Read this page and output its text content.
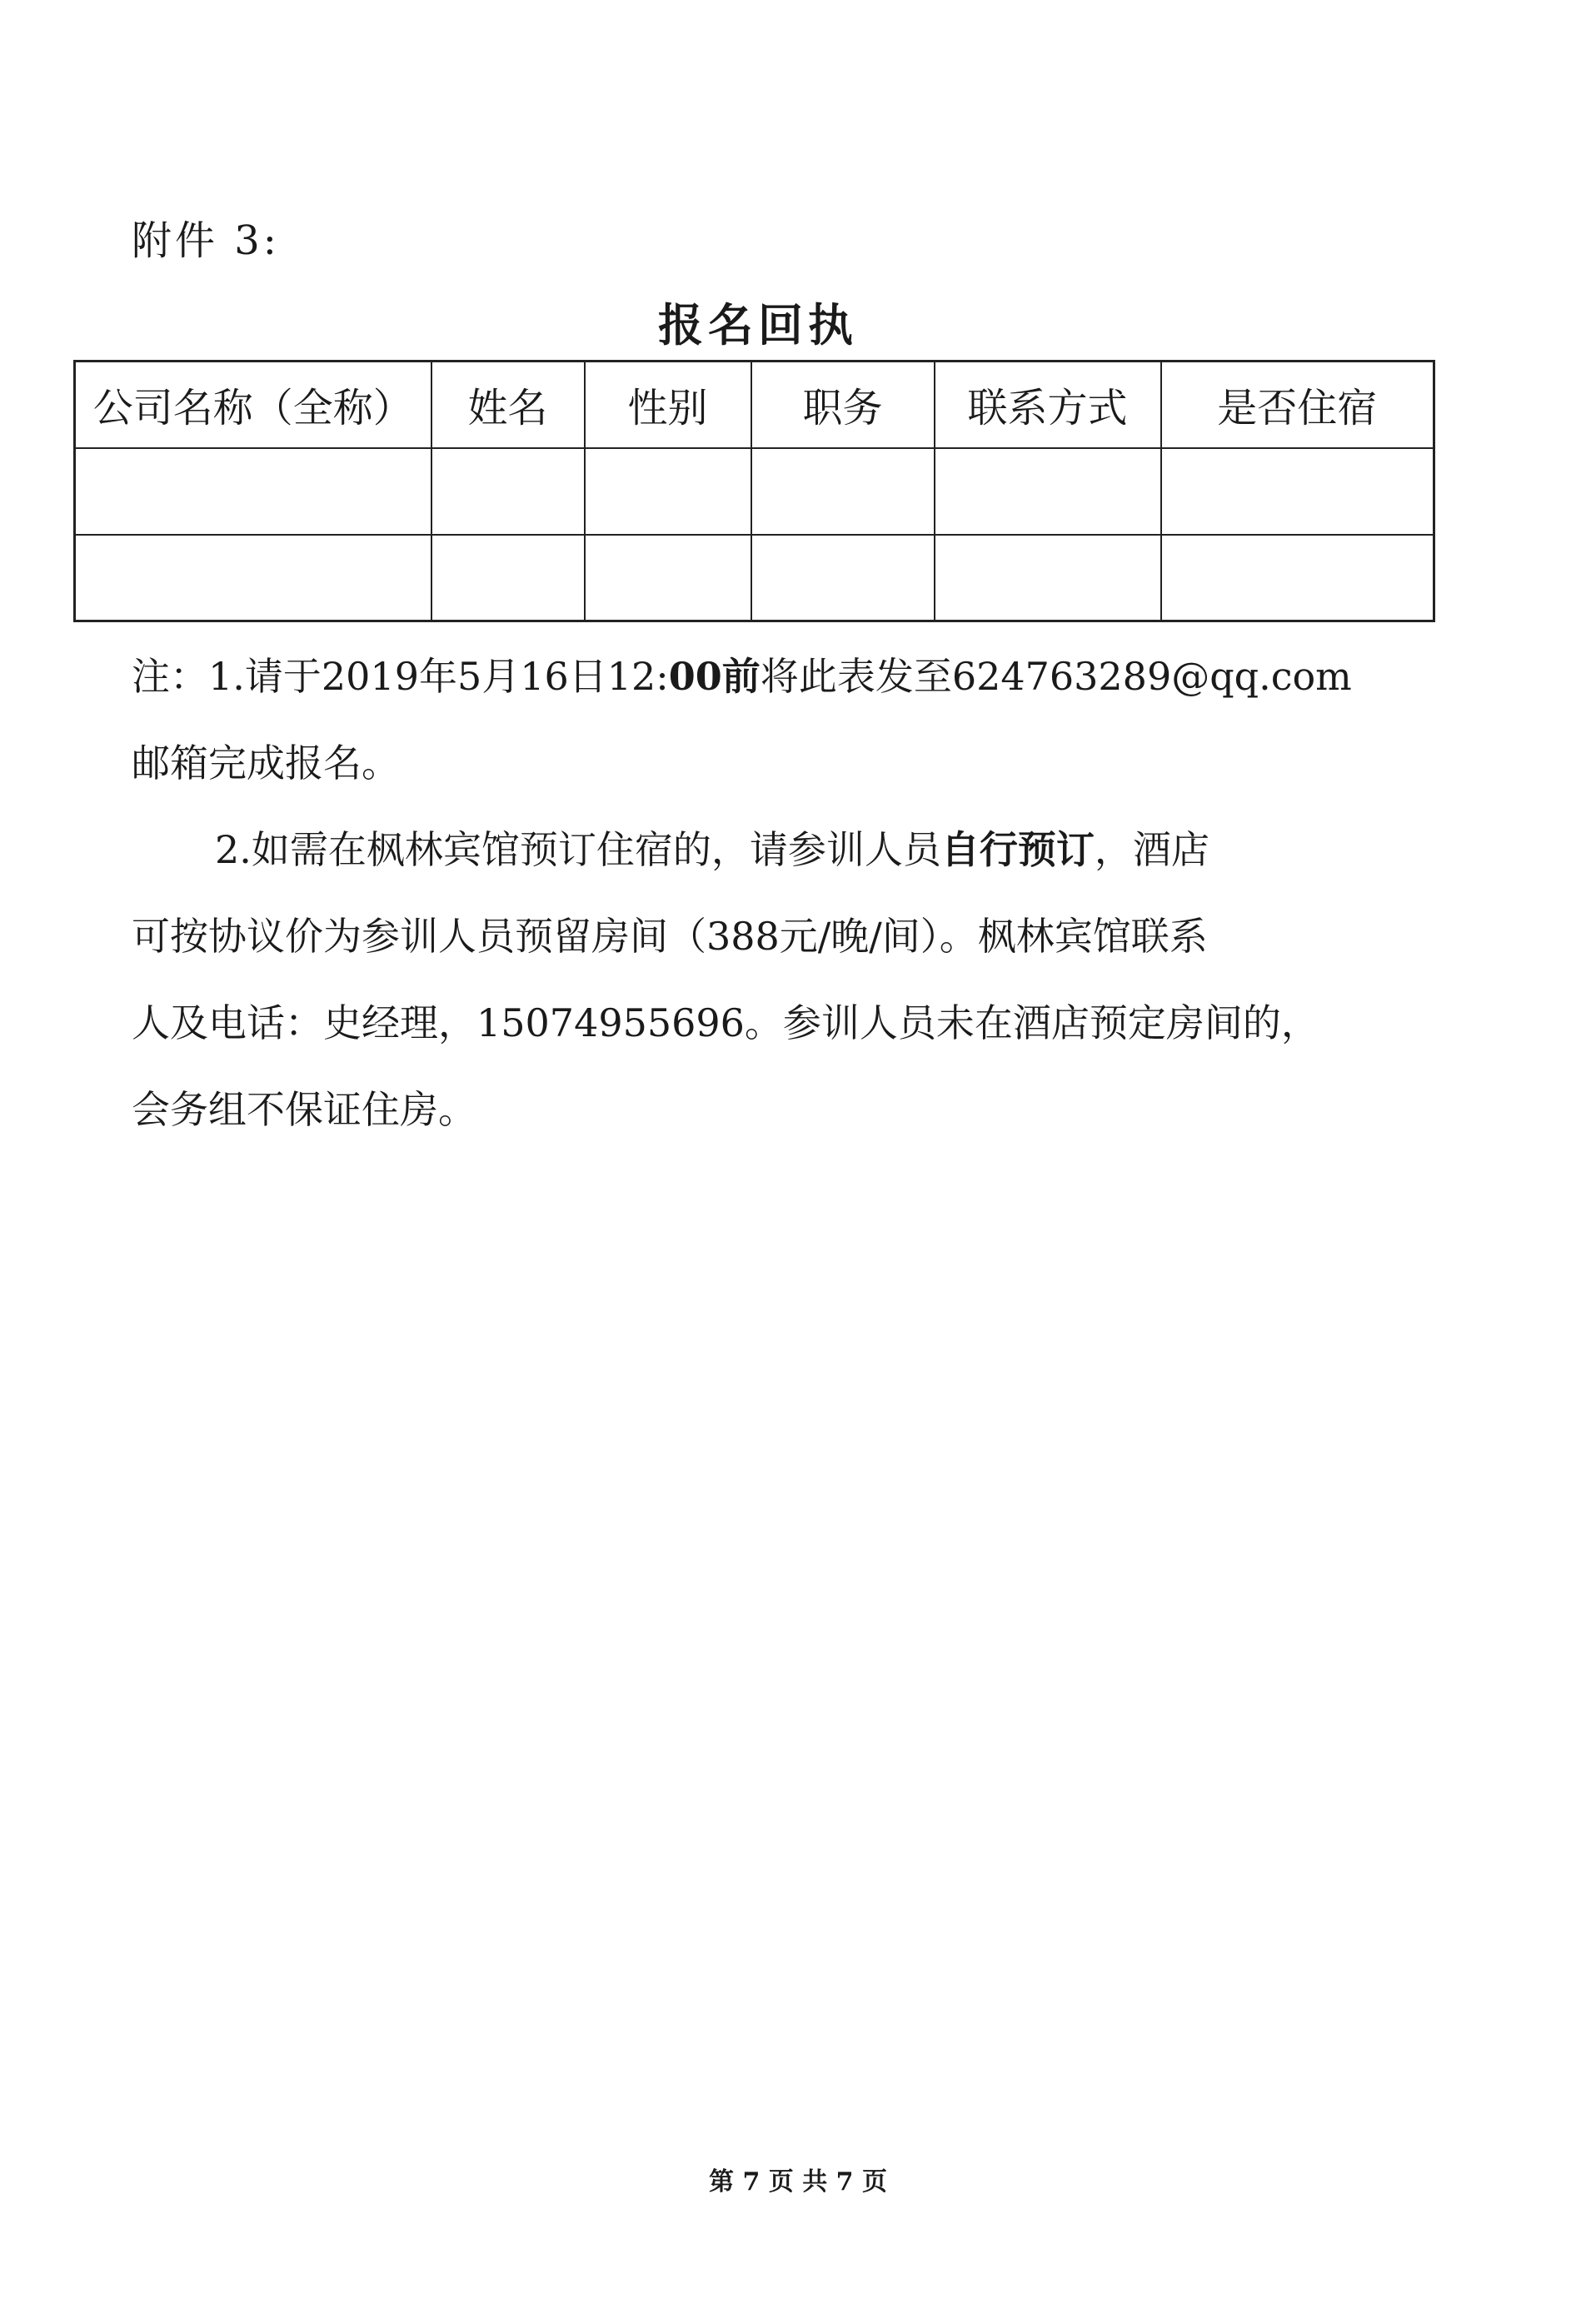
附件 3:
报名回执
公司名称（全称）	姓名	性别	职务	联系方式	是否住宿

注：1.请于2019年5月16日12:00前将此表发至624763289@qq.com
邮箱完成报名。
2.如需在枫林宾馆预订住宿的，请参训人员自行预订，酒店
可按协议价为参训人员预留房间（388元/晚/间）。枫林宾馆联系
人及电话：史经理，15074955696。参训人员未在酒店预定房间的，
会务组不保证住房。
第 7 页 共 7 页
